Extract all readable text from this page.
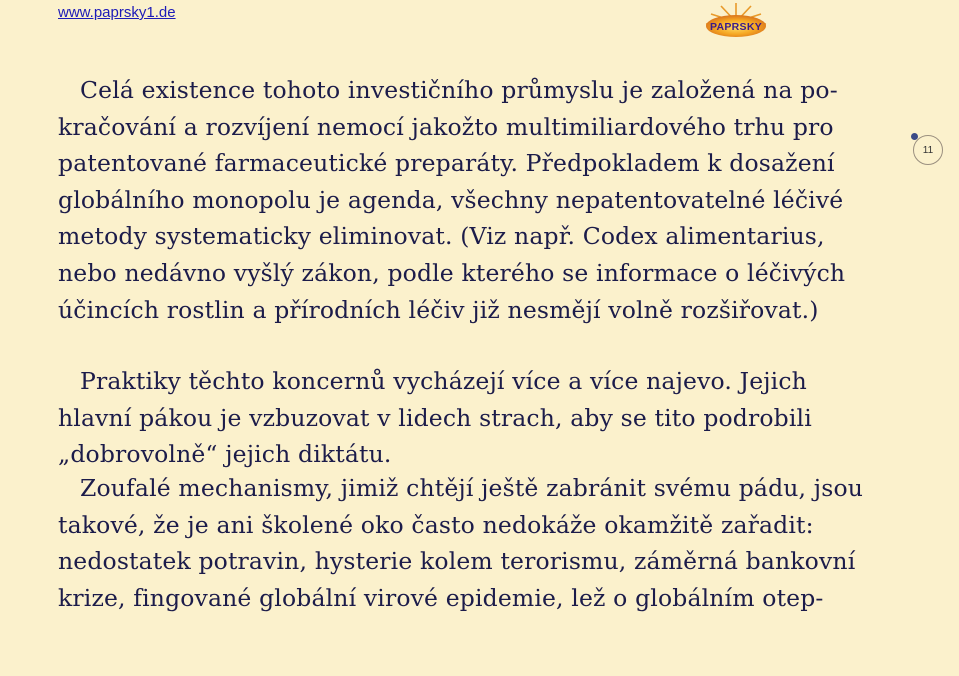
www.paprsky1.de
PAPRSKY
11
Celá existence tohoto investičního průmyslu je založená na po-
kračování a rozvíjení nemocí jakožto multimiliardového trhu pro
patentované farmaceutické preparáty. Předpokladem k dosažení
globálního monopolu je agenda, všechny nepatentovatelné léčivé
metody systematicky eliminovat. (Viz např. Codex alimentarius,
nebo nedávno vyšlý zákon, podle kterého se informace o léčivých
účincích rostlin a přírodních léčiv již nesmějí volně rozšiřovat.)
Praktiky těchto koncernů vycházejí více a více najevo. Jejich
hlavní pákou je vzbuzovat v lidech strach, aby se tito podrobili
„dobrovolně“ jejich diktátu.
Zoufalé mechanismy, jimiž chtějí ještě zabránit svému pádu, jsou
takové, že je ani školené oko často nedokáže okamžitě zařadit:
nedostatek potravin, hysterie kolem terorismu, záměrná bankovní
krize, fingované globální virové epidemie, lež o globálním otep-
